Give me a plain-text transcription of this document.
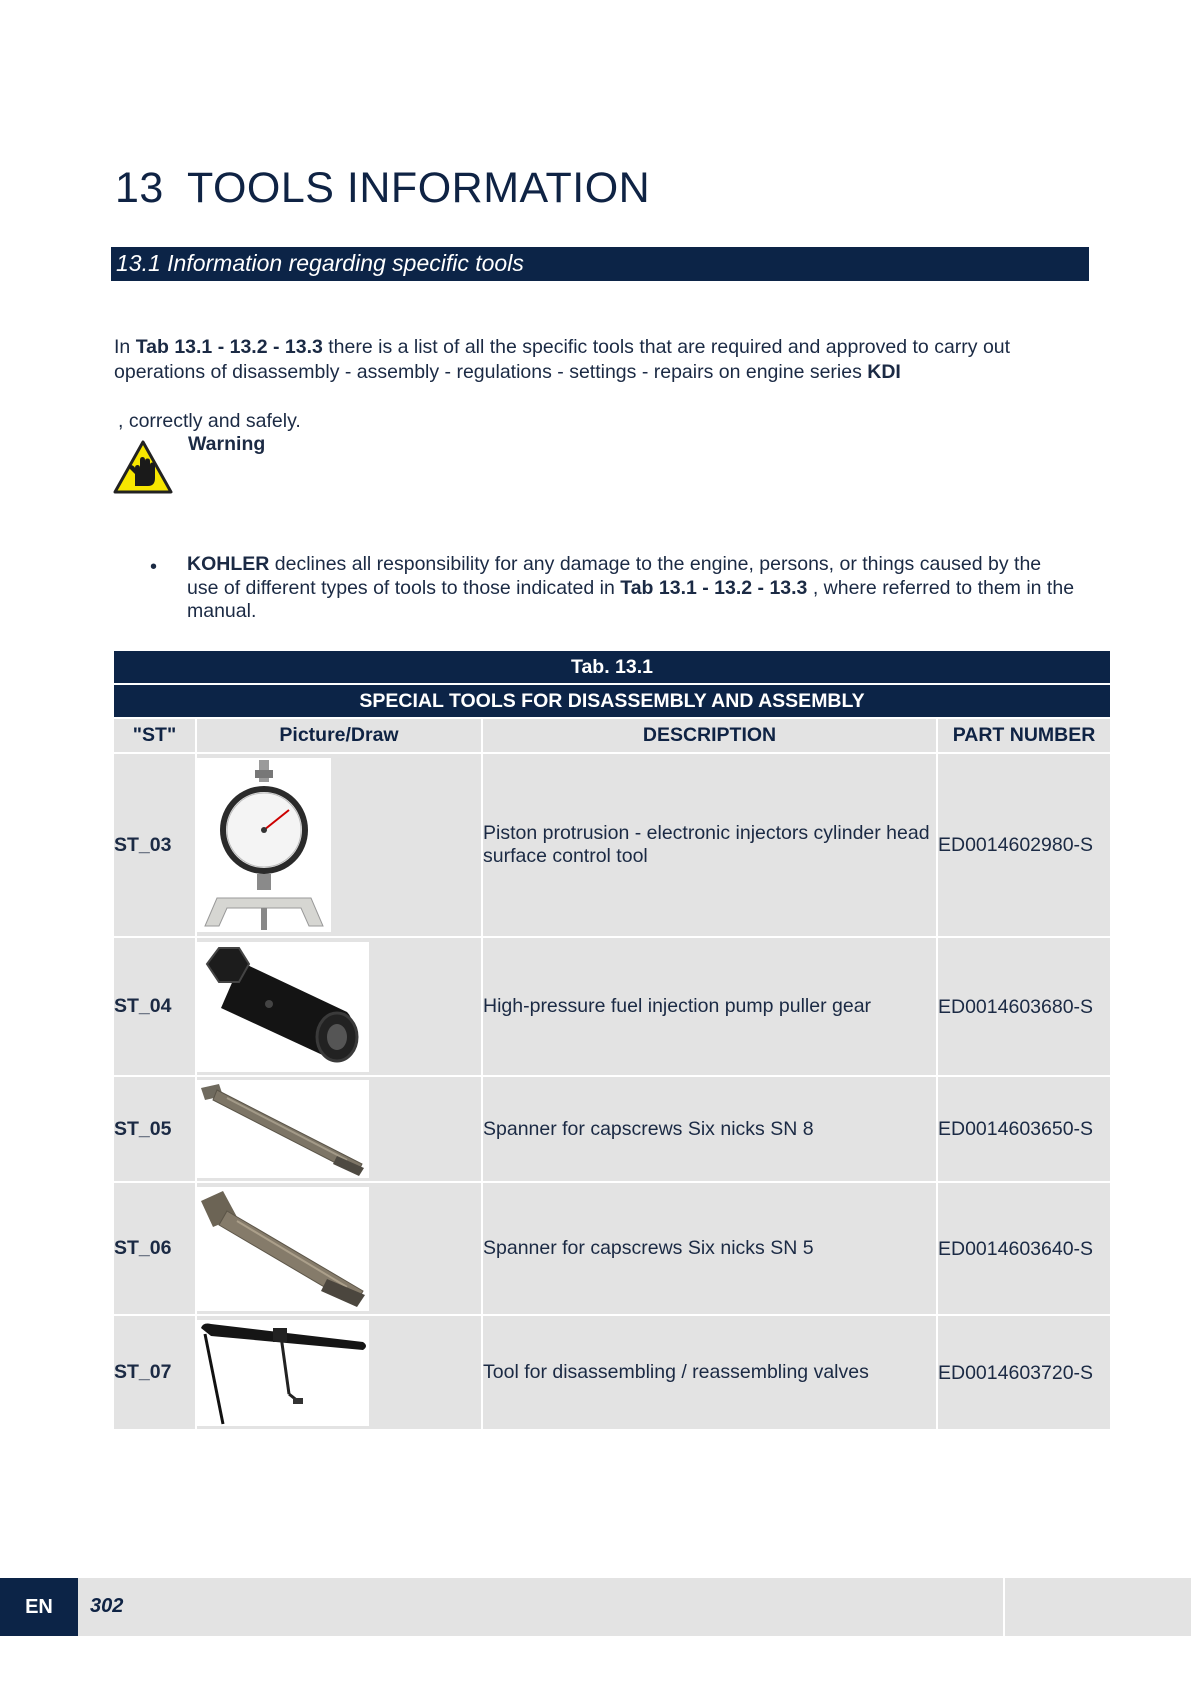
13 TOOLS INFORMATION
13.1 Information regarding specific tools
In Tab 13.1 - 13.2 - 13.3 there is a list of all the specific tools that are required and approved to carry out operations of disassembly - assembly - regulations - settings - repairs on engine series KDI
, correctly and safely.
Warning
• KOHLER declines all responsibility for any damage to the engine, persons, or things caused by the use of different types of tools to those indicated in Tab 13.1 - 13.2 - 13.3 , where referred to them in the manual.
Tab. 13.1			
SPECIAL TOOLS FOR DISASSEMBLY AND ASSEMBLY			
"ST"	Picture/Draw	DESCRIPTION	PART NUMBER
ST_03		Piston protrusion - electronic injectors cylinder head surface control tool	ED0014602980-S
ST_04		High-pressure fuel injection pump puller gear	ED0014603680-S
ST_05		Spanner for capscrews Six nicks SN 8	ED0014603650-S
ST_06		Spanner for capscrews Six nicks SN 5	ED0014603640-S
ST_07		Tool for disassembling / reassembling valves	ED0014603720-S
EN	302
